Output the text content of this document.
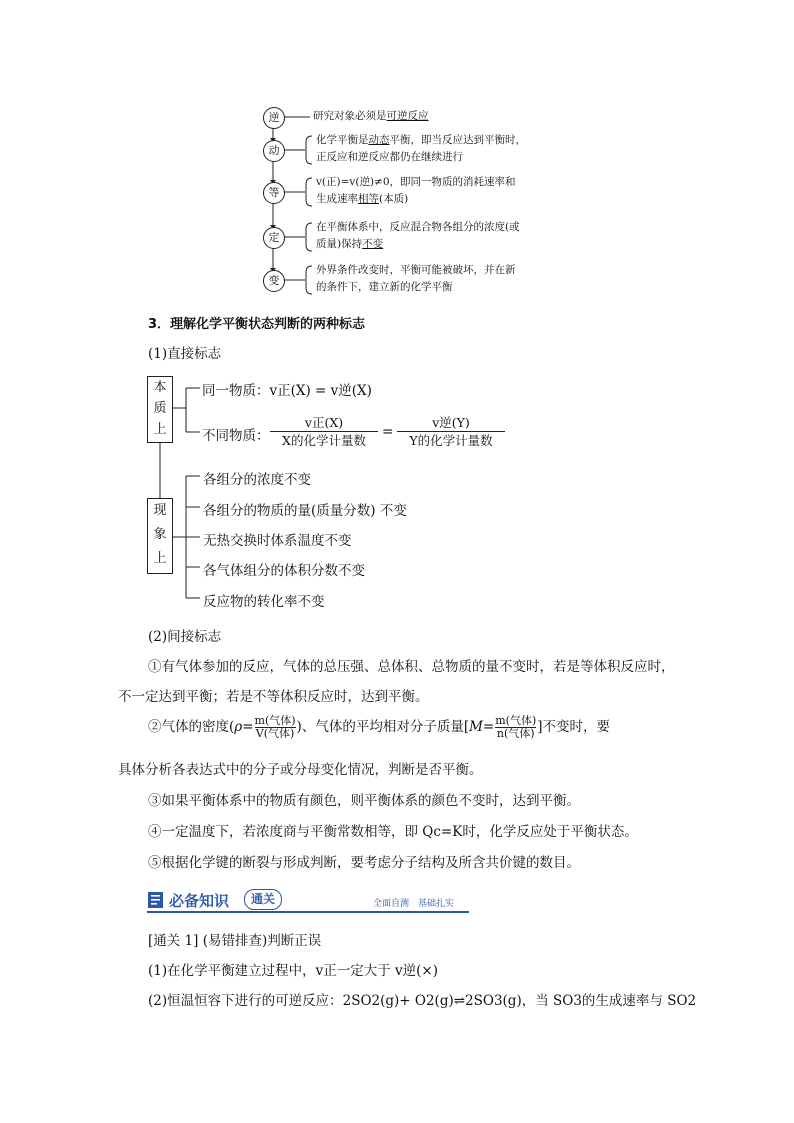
逆
动
等
定
变
研究对象必须是可逆反应
化学平衡是动态平衡，即当反应达到平衡时，
正反应和逆反应都仍在继续进行
v(正)=v(逆)≠0，即同一物质的消耗速率和
生成速率相等(本质)
在平衡体系中，反应混合物各组分的浓度(或
质量)保持不变
外界条件改变时，平衡可能被破坏，并在新
的条件下，建立新的化学平衡
3．理解化学平衡状态判断的两种标志
(1)直接标志
本
质
上
现
象
上
同一物质：v正(X) = v逆(X)
不同物质：
v正(X)
X的化学计量数
=
v逆(Y)
Y的化学计量数
各组分的浓度不变
各组分的物质的量(质量分数) 不变
无热交换时体系温度不变
各气体组分的体积分数不变
反应物的转化率不变
(2)间接标志
①有气体参加的反应，气体的总压强、总体积、总物质的量不变时，若是等体积反应时，
不一定达到平衡；若是不等体积反应时，达到平衡。
②气体的密度(ρ= m(气体)
V(气体) )、气体的平均相对分子质量[M= m(气体)
n(气体) ]不变时，要
具体分析各表达式中的分子或分母变化情况，判断是否平衡。
③如果平衡体系中的物质有颜色，则平衡体系的颜色不变时，达到平衡。
④一定温度下，若浓度商与平衡常数相等，即 Qc=K时，化学反应处于平衡状态。
⑤根据化学键的断裂与形成判断，要考虑分子结构及所含共价键的数目。
必备知识	通关	全面自测　基础扎实
[通关 1] (易错排查)判断正误
(1)在化学平衡建立过程中，v正一定大于 v逆(×)
(2)恒温恒容下进行的可逆反应：2SO2(g)+ O2(g)⇌2SO3(g)，当 SO3的生成速率与 SO2
